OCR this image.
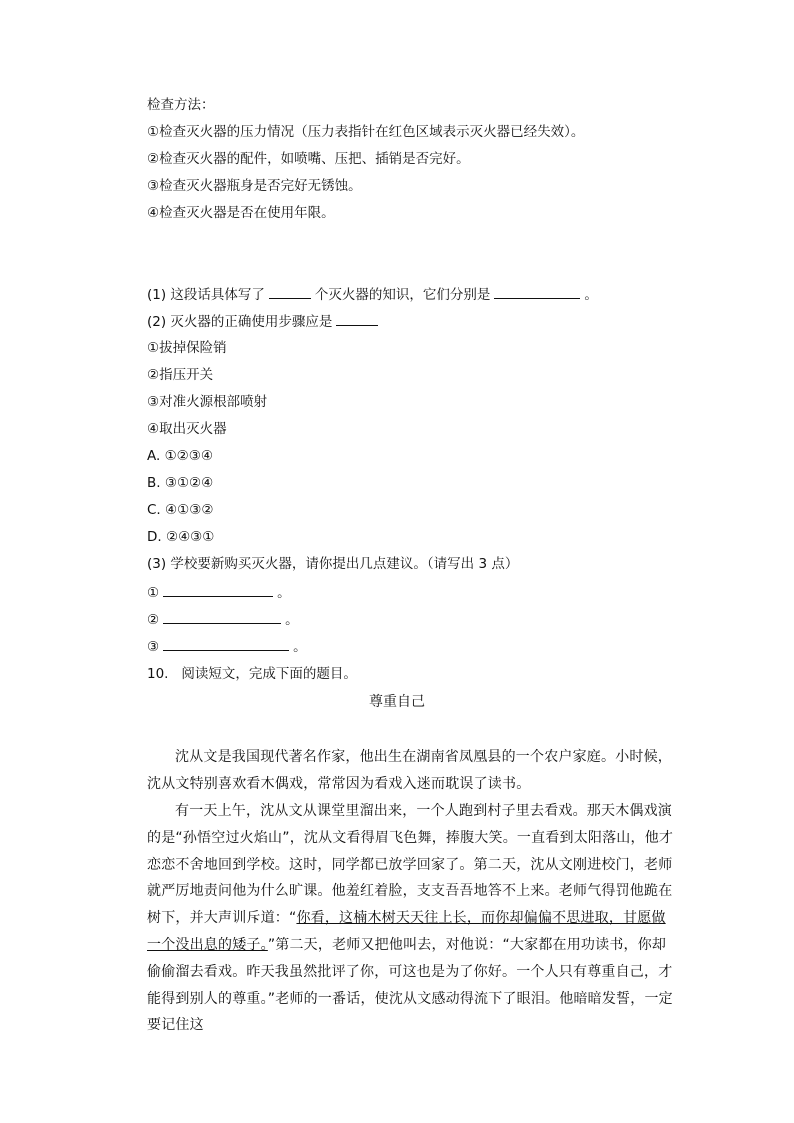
检查方法：
①检查灭火器的压力情况（压力表指针在红色区域表示灭火器已经失效）。
②检查灭火器的配件，如喷嘴、压把、插销是否完好。
③检查灭火器瓶身是否完好无锈蚀。
④检查灭火器是否在使用年限。
(1) 这段话具体写了	个灭火器的知识，它们分别是	。
(2) 灭火器的正确使用步骤应是
①拔掉保险销
②指压开关
③对准火源根部喷射
④取出灭火器
A. ①②③④
B. ③①②④
C. ④①③②
D. ②④③①
(3) 学校要新购买灭火器，请你提出几点建议。（请写出 3 点）
①	。
②	。
③	。
10. 阅读短文，完成下面的题目。
尊重自己
沈从文是我国现代著名作家，他出生在湖南省凤凰县的一个农户家庭。小时候，沈从文特别喜欢看木偶戏，常常因为看戏入迷而耽误了读书。
有一天上午，沈从文从课堂里溜出来，一个人跑到村子里去看戏。那天木偶戏演的是“孙悟空过火焰山”，沈从文看得眉飞色舞，捧腹大笑。一直看到太阳落山，他才恋恋不舍地回到学校。这时，同学都已放学回家了。第二天，沈从文刚进校门，老师就严厉地责问他为什么旷课。他羞红着脸，支支吾吾地答不上来。老师气得罚他跪在树下，并大声训斥道：“你看，这楠木树天天往上长，而你却偏偏不思进取，甘愿做一个没出息的矮子。”第二天，老师又把他叫去，对他说：“大家都在用功读书，你却偷偷溜去看戏。昨天我虽然批评了你，可这也是为了你好。一个人只有尊重自己，才能得到别人的尊重。”老师的一番话，使沈从文感动得流下了眼泪。他暗暗发誓，一定要记住这
